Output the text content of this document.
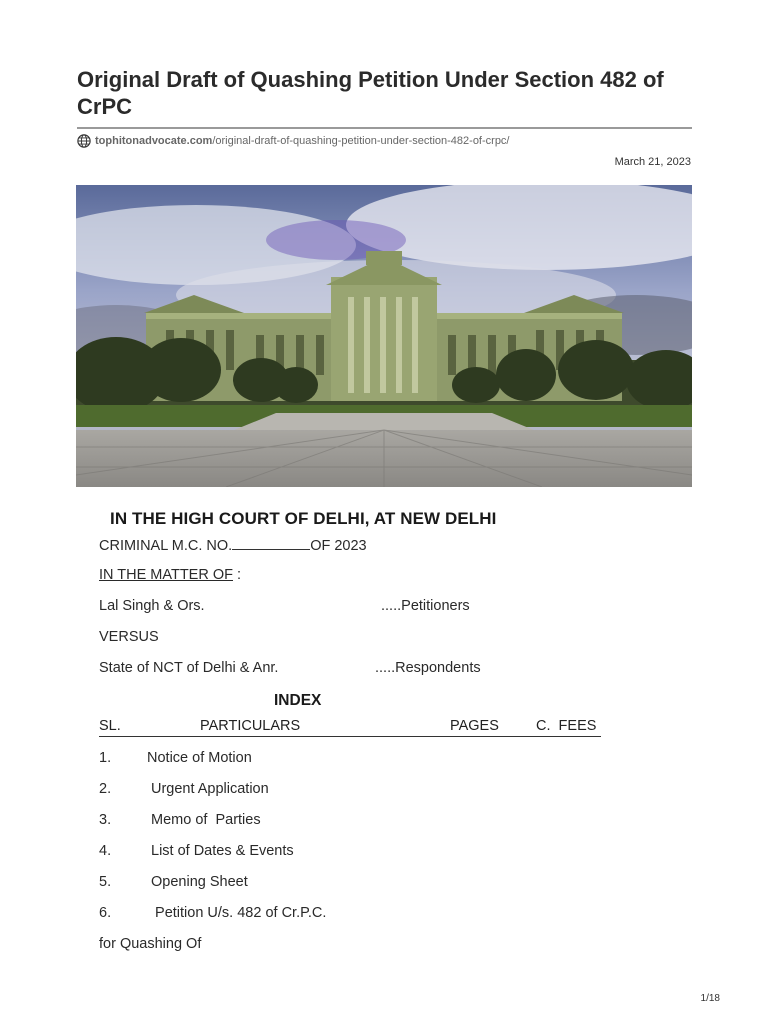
Original Draft of Quashing Petition Under Section 482 of CrPC
tophitonadvocate.com /original-draft-of-quashing-petition-under-section-482-of-crpc/
March 21, 2023
IN THE HIGH COURT OF DELHI, AT NEW DELHI
CRIMINAL M.C. NO.	OF 2023
IN THE MATTER OF :
Lal Singh & Ors.	.....Petitioners
VERSUS
State of NCT of Delhi & Anr.	.....Respondents
INDEX
SL.	PARTICULARS	PAGES	C.  FEES
1. Notice of Motion
2.	Urgent Application
3.	Memo of  Parties
4.	List of Dates & Events
5.	Opening Sheet
6.	Petition U/s. 482 of Cr.P.C.
for Quashing Of
1/18
